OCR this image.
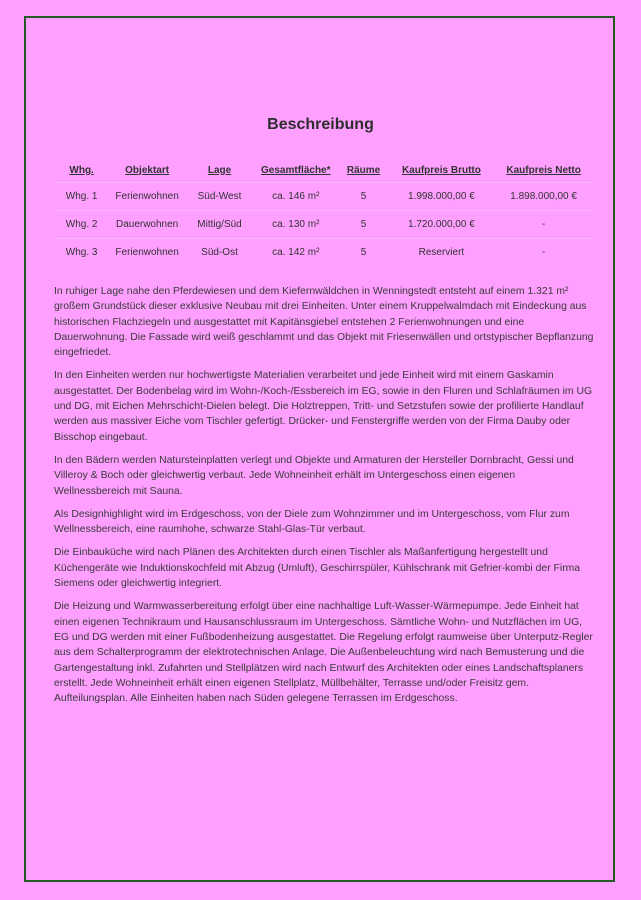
Beschreibung
Whg.	Objektart	Lage	Gesamtfläche*	Räume	Kaufpreis Brutto	Kaufpreis Netto
Whg. 1	Ferienwohnen	Süd-West	ca. 146 m²	5	1.998.000,00 €	1.898.000,00 €
Whg. 2	Dauerwohnen	Mittig/Süd	ca. 130 m²	5	1.720.000,00 €	-
Whg. 3	Ferienwohnen	Süd-Ost	ca. 142 m²	5	Reserviert	-

In ruhiger Lage nahe den Pferdewiesen und dem Kiefernwäldchen in Wenningstedt entsteht auf einem 1.321 m² großem Grundstück dieser exklusive Neubau mit drei Einheiten. Unter einem Kruppelwalmdach mit Eindeckung aus historischen Flachziegeln und ausgestattet mit Kapitänsgiebel entstehen 2 Ferienwohnungen und eine Dauerwohnung. Die Fassade wird weiß geschlammt und das Objekt mit Friesenwällen und ortstypischer Bepflanzung eingefriedet.

In den Einheiten werden nur hochwertigste Materialien verarbeitet und jede Einheit wird mit einem Gaskamin ausgestattet. Der Bodenbelag wird im Wohn-/Koch-/Essbereich im EG, sowie in den Fluren und Schlafräumen im UG und DG, mit Eichen Mehrschicht-Dielen belegt. Die Holztreppen, Tritt- und Setzstufen sowie der profilierte Handlauf werden aus massiver Eiche vom Tischler gefertigt. Drücker- und Fenstergriffe werden von der Firma Dauby oder Bisschop eingebaut.

In den Bädern werden Natursteinplatten verlegt und Objekte und Armaturen der Hersteller Dornbracht, Gessi und Villeroy & Boch oder gleichwertig verbaut. Jede Wohneinheit erhält im Untergeschoss einen eigenen Wellnessbereich mit Sauna.

Als Designhighlight wird im Erdgeschoss, von der Diele zum Wohnzimmer und im Untergeschoss, vom Flur zum Wellnessbereich, eine raumhohe, schwarze Stahl-Glas-Tür verbaut.

Die Einbauküche wird nach Plänen des Architekten durch einen Tischler als Maßanfertigung hergestellt und Küchengeräte wie Induktionskochfeld mit Abzug (Umluft), Geschirrspüler, Kühlschrank mit Gefrier-kombi der Firma Siemens oder gleichwertig integriert.

Die Heizung und Warmwasserbereitung erfolgt über eine nachhaltige Luft-Wasser-Wärmepumpe. Jede Einheit hat einen eigenen Technikraum und Hausanschlussraum im Untergeschoss. Sämtliche Wohn- und Nutzflächen im UG, EG und DG werden mit einer Fußbodenheizung ausgestattet. Die Regelung erfolgt raumweise über Unterputz-Regler aus dem Schalterprogramm der elektrotechnischen Anlage. Die Außenbeleuchtung wird nach Bemusterung und die Gartengestaltung inkl. Zufahrten und Stellplätzen wird nach Entwurf des Architekten oder eines Landschaftsplaners erstellt. Jede Wohneinheit erhält einen eigenen Stellplatz, Müllbehälter, Terrasse und/oder Freisitz gem. Aufteilungsplan. Alle Einheiten haben nach Süden gelegene Terrassen im Erdgeschoss.
